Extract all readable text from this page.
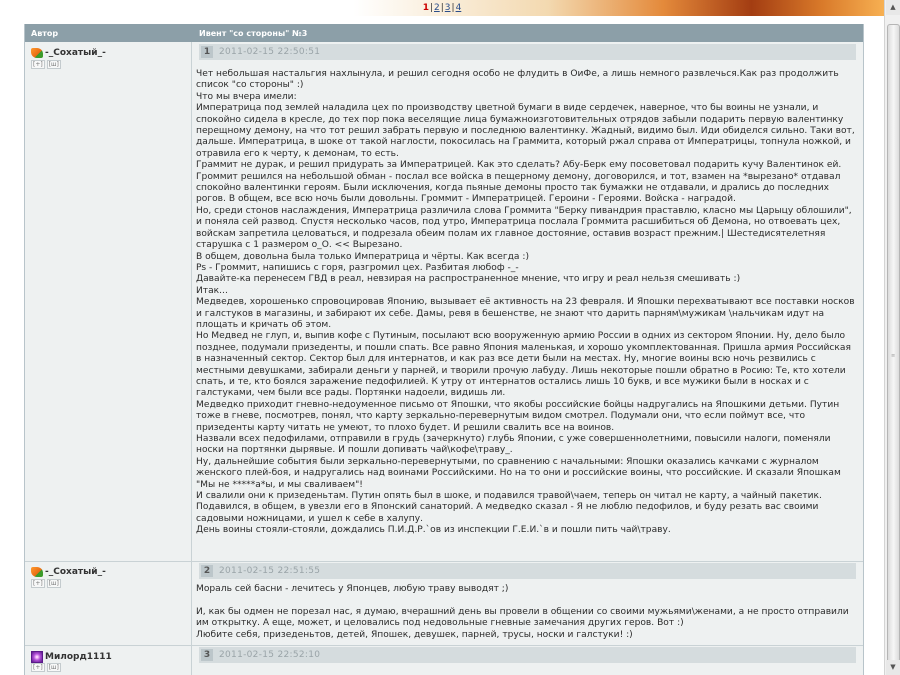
1|2|3|4
Автор	Ивент "со стороны" №3
-_Сохатый_-
[+] [ш]
1 2011-02-15 22:50:51
Чет небольшая настальгия нахлынула, и решил сегодня особо не флудить в ОиФе, а лишь немного развлечься.Как раз продолжить список "со стороны" :)
Что мы вчера имели:
Императрица под землей наладила цех по производству цветной бумаги в виде сердечек, наверное, что бы воины не узнали, и спокойно сидела в кресле, до тех пор пока веселящие лица бумажноизготовительных отрядов забыли подарить первую валентинку перещному демону, на что тот решил забрать первую и последнюю валентинку. Жадный, видимо был. Иди обиделся сильно. Таки вот, дальше. Императрица, в шоке от такой наглости, покосилась на Граммита, который ржал справа от Императрицы, топнула ножкой, и отравила его к черту, к демонам, то есть.
Граммит не дурак, и решил придурать за Императрицей. Как это сделать? Абу-Берк ему посоветовал подарить кучу Валентинок ей. Громмит решился на небольшой обман - послал все войска в пещерному демону, договорился, и тот, взамен на *вырезано* отдавал спокойно валентинки героям. Были исключения, когда пьяные демоны просто так бумажки не отдавали, и дрались до последних рогов. В общем, все всю ночь были довольны. Громмит - Императрицей. Героини - Героями. Войска - наградой.
Но, среди стонов наслаждения, Императрица различила слова Громмита "Берку пивандрия праставлю, класно мы Царыцу облошили", и поняла сей развод. Спустя несколько часов, под утро, Императрица послала Громмита расшибиться об Демона, но отвоевать цех, войскам запретила целоваться, и подрезала обеим полам их главное достояние, оставив возраст прежним.| Шестедисятелетняя старушка с 1 размером о_О. << Вырезано.
В общем, довольна была только Императрица и чёрты. Как всегда :)
Ps - Громмит, напишись с горя, разгромил цех. Разбитая любоф -_-
Давайте-ка перенесем ГВД в реал, невзирая на распространенное мнение, что игру и реал нельзя смешивать :)
Итак...
Медведев, хорошенько спровоцировав Японию, вызывает её активность на 23 февраля. И Япошки перехватывают все поставки носков и галстуков в магазины, и забирают их себе. Дамы, ревя в бешенстве, не знают что дарить парням\мужикам \нальчикам идут на площать и кричать об этом.
Но Медвед не глуп, и, выпив кофе с Путиным, посылают всю вооруженную армию России в одних из сектором Японии. Ну, дело было позднее, подумали призеденты, и пошли спать. Все равно Япония маленькая, и хорошо укомплектованная. Пришла армия Российская в назначенный сектор. Сектор был для интернатов, и как раз все дети были на местах. Ну, многие воины всю ночь резвились с местными девушками, забирали деньги у парней, и творили прочую лабуду. Лишь некоторые пошли обратно в Росию: Те, кто хотели спать, и те, кто боялся заражение педофилией. К утру от интернатов остались лишь 10 букв, и все мужики были в носках и с галстуками, чем были все рады. Портянки надоели, видишь ли.
Медведко приходит гневно-недоуменное письмо от Япошки, что якобы российские бойцы надругались на Япошкими детьми. Путин тоже в гневе, посмотрев, понял, что карту зеркально-перевернутым видом смотрел. Подумали они, что если поймут все, что призеденты карту читать не умеют, то плохо будет. И решили свалить все на воинов.
Назвали всех педофилами, отправили в грудь (зачеркнуто) глубь Японии, с уже совершеннолетними, повысили налоги, поменяли носки на портянки дырявые. И пошли допивать чай\кофе\траву_.
Ну, дальнейшие события были зеркально-перевернутыми, по сравнению с начальными: Япошки оказались качками с журналом женского плей-боя, и надругались над воинами Российскими. Но на то они и российские воины, что российские. И сказали Япошкам "Мы не *****а*ы, и мы сваливаем"!
И свалили они к призеденьтам. Путин опять был в шоке, и подавился травой\чаем, теперь он читал не карту, а чайный пакетик. Подавился, в общем, в увезли его в Японский санаторий. А медведко сказал - Я не люблю педофилов, и буду резать вас своими садовыми ножницами, и ушел к себе в халупу.
День воины стояли-стояли, дождались П.И.Д.Р.`ов из инспекции Г.Е.И.`в и пошли пить чай\траву.
-_Сохатый_-
[+] [ш]
2 2011-02-15 22:51:55
Мораль сей басни - лечитесь у Японцев, любую траву выводят ;)

И, как бы одмен не порезал нас, я думаю, вчерашний день вы провели в общении со своими мужьями\женами, а не просто отправили им открытку. А еще, может, и целовались под недовольные гневные замечания других геров. Вот :)
Любите себя, призеденьтов, детей, Япошек, девушек, парней, трусы, носки и галстуки! :)
Милорд1111
[+] [ш]
3 2011-02-15 22:52:10
▲
≡
▼
